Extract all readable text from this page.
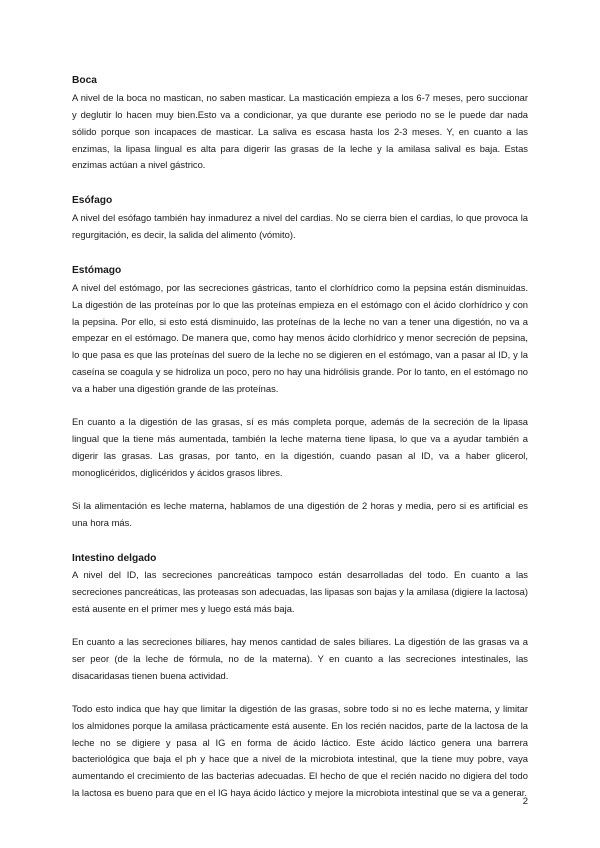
Boca

A nivel de la boca no mastican, no saben masticar. La masticación empieza a los 6-7 meses, pero succionar y deglutir lo hacen muy bien.Esto va a condicionar, ya que durante ese periodo no se le puede dar nada sólido porque son incapaces de masticar. La saliva es escasa hasta los 2-3 meses. Y, en cuanto a las enzimas, la lipasa lingual es alta para digerir las grasas de la leche y la amilasa salival es baja. Estas enzimas actúan a nivel gástrico.

Esófago

A nivel del esófago también hay inmadurez a nivel del cardias. No se cierra bien el cardias, lo que provoca la regurgitación, es decir, la salida del alimento (vómito).

Estómago

A nivel del estómago, por las secreciones gástricas, tanto el clorhídrico como la pepsina están disminuidas. La digestión de las proteínas por lo que las proteínas empieza en el estómago con el ácido clorhídrico y con la pepsina. Por ello, si esto está disminuido, las proteínas de la leche no van a tener una digestión, no va a empezar en el estómago. De manera que, como hay menos ácido clorhídrico y menor secreción de pepsina, lo que pasa es que las proteínas del suero de la leche no se digieren en el estómago, van a pasar al ID, y la caseína se coagula y se hidroliza un poco, pero no hay una hidrólisis grande. Por lo tanto, en el estómago no va a haber una digestión grande de las proteínas.

En cuanto a la digestión de las grasas, sí es más completa porque, además de la secreción de la lipasa lingual que la tiene más aumentada, también la leche materna tiene lipasa, lo que va a ayudar también a digerir las grasas. Las grasas, por tanto, en la digestión, cuando pasan al ID, va a haber glicerol, monoglicéridos, diglicéridos y ácidos grasos libres.

Si la alimentación es leche materna, hablamos de una digestión de 2 horas y media, pero si es artificial es una hora más.

Intestino delgado

A nivel del ID, las secreciones pancreáticas tampoco están desarrolladas del todo. En cuanto a las secreciones pancreáticas, las proteasas son adecuadas, las lipasas son bajas y la amilasa (digiere la lactosa) está ausente en el primer mes y luego está más baja.

En cuanto a las secreciones biliares, hay menos cantidad de sales biliares. La digestión de las grasas va a ser peor (de la leche de fórmula, no de la materna). Y en cuanto a las secreciones intestinales, las disacaridasas tienen buena actividad.

Todo esto indica que hay que limitar la digestión de las grasas, sobre todo si no es leche materna, y limitar los almidones porque la amilasa prácticamente está ausente. En los recién nacidos, parte de la lactosa de la leche no se digiere y pasa al IG en forma de ácido láctico. Este ácido láctico genera una barrera bacteriológica que baja el ph y hace que a nivel de la microbiota intestinal, que la tiene muy pobre, vaya aumentando el crecimiento de las bacterias adecuadas. El hecho de que el recién nacido no digiera del todo la lactosa es bueno para que en el IG haya ácido láctico y mejore la microbiota intestinal que se va a generar.

2
